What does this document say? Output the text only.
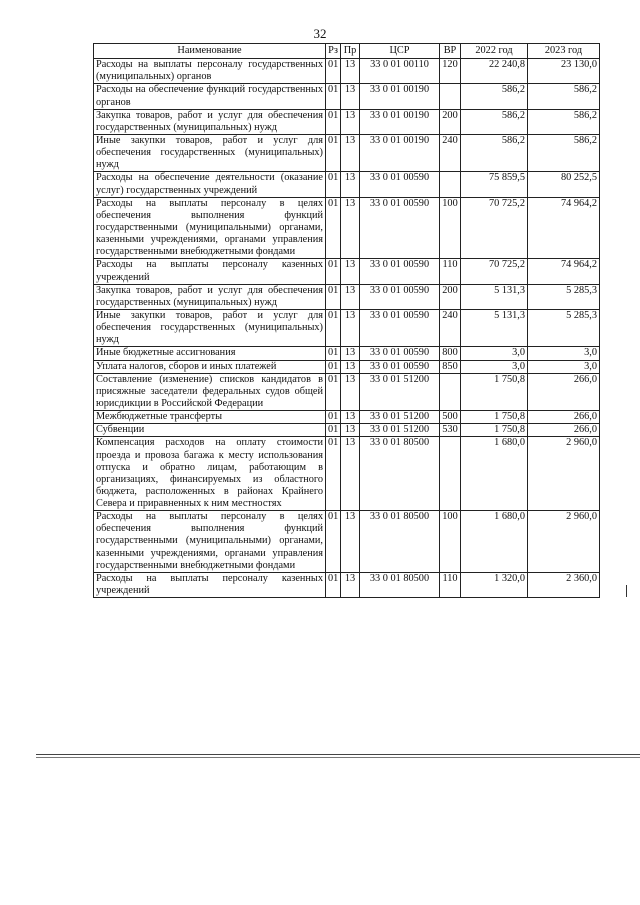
32
Наименование	Рз	Пр	ЦСР	ВР	2022 год	2023 год
Расходы на выплаты персоналу государственных (муниципальных) органов	01	13	33 0 01 00110	120	22 240,8	23 130,0
Расходы на обеспечение функций государственных органов	01	13	33 0 01 00190		586,2	586,2
Закупка товаров, работ и услуг для обеспечения государственных (муниципальных) нужд	01	13	33 0 01 00190	200	586,2	586,2
Иные закупки товаров, работ и услуг для обеспечения государственных (муниципальных) нужд	01	13	33 0 01 00190	240	586,2	586,2
Расходы на обеспечение деятельности (оказание услуг) государственных учреждений	01	13	33 0 01 00590		75 859,5	80 252,5
Расходы на выплаты персоналу в целях обеспечения выполнения функций государственными (муниципальными) органами, казенными учреждениями, органами управления государственными внебюджетными фондами	01	13	33 0 01 00590	100	70 725,2	74 964,2
Расходы на выплаты персоналу казенных учреждений	01	13	33 0 01 00590	110	70 725,2	74 964,2
Закупка товаров, работ и услуг для обеспечения государственных (муниципальных) нужд	01	13	33 0 01 00590	200	5 131,3	5 285,3
Иные закупки товаров, работ и услуг для обеспечения государственных (муниципальных) нужд	01	13	33 0 01 00590	240	5 131,3	5 285,3
Иные бюджетные ассигнования	01	13	33 0 01 00590	800	3,0	3,0
Уплата налогов, сборов и иных платежей	01	13	33 0 01 00590	850	3,0	3,0
Составление (изменение) списков кандидатов в присяжные заседатели федеральных судов общей юрисдикции в Российской Федерации	01	13	33 0 01 51200		1 750,8	266,0
Межбюджетные трансферты	01	13	33 0 01 51200	500	1 750,8	266,0
Субвенции	01	13	33 0 01 51200	530	1 750,8	266,0
Компенсация расходов на оплату стоимости проезда и провоза багажа к месту использования отпуска и обратно лицам, работающим в организациях, финансируемых из областного бюджета, расположенных в районах Крайнего Севера и приравненных к ним местностях	01	13	33 0 01 80500		1 680,0	2 960,0
Расходы на выплаты персоналу в целях обеспечения выполнения функций государственными (муниципальными) органами, казенными учреждениями, органами управления государственными внебюджетными фондами	01	13	33 0 01 80500	100	1 680,0	2 960,0
Расходы на выплаты персоналу казенных учреждений	01	13	33 0 01 80500	110	1 320,0	2 360,0
